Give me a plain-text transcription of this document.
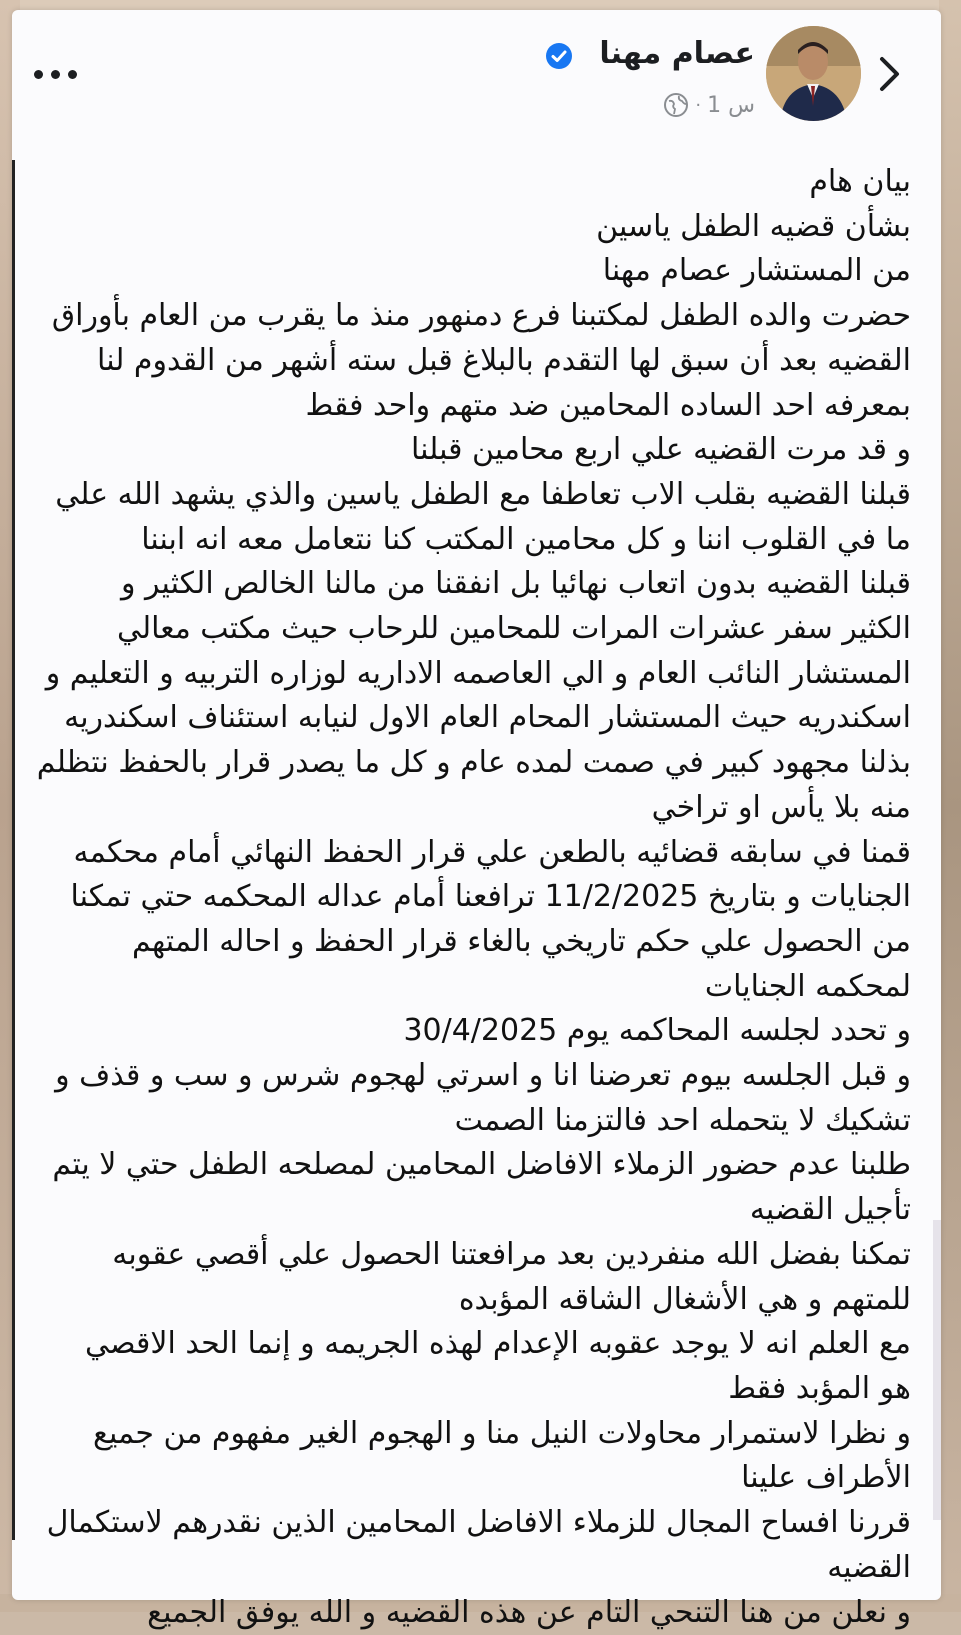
عصام مهنا
1 س
·

بيان هام

بشأن قضيه الطفل ياسين

من المستشار عصام مهنا

حضرت والده الطفل لمكتبنا فرع دمنهور منذ ما يقرب من العام بأوراق

القضيه بعد أن سبق لها التقدم بالبلاغ قبل سته أشهر من القدوم لنا

بمعرفه احد الساده المحامين ضد متهم واحد فقط

و قد مرت القضيه علي اربع محامين قبلنا

قبلنا القضيه بقلب الاب تعاطفا مع الطفل ياسين والذي يشهد الله علي

ما في القلوب اننا و كل محامين المكتب كنا نتعامل معه انه ابننا

قبلنا القضيه بدون اتعاب نهائيا بل انفقنا من مالنا الخالص الكثير و

الكثير سفر عشرات المرات للمحامين للرحاب حيث مكتب معالي

المستشار النائب العام و الي العاصمه الاداريه لوزاره التربيه و التعليم و

اسكندريه حيث المستشار المحام العام الاول لنيابه استئناف اسكندريه

بذلنا مجهود كبير في صمت لمده عام و كل ما يصدر قرار بالحفظ نتظلم

منه بلا يأس او تراخي

قمنا في سابقه قضائيه بالطعن علي قرار الحفظ النهائي أمام محكمه

الجنايات و بتاريخ 11/2/2025 ترافعنا أمام عداله المحكمه حتي تمكنا

من الحصول علي حكم تاريخي بالغاء قرار الحفظ و احاله المتهم

لمحكمه الجنايات

و تحدد لجلسه المحاكمه يوم 30/4/2025

و قبل الجلسه بيوم تعرضنا انا و اسرتي لهجوم شرس و سب و قذف و

تشكيك لا يتحمله احد فالتزمنا الصمت

طلبنا عدم حضور الزملاء الافاضل المحامين لمصلحه الطفل حتي لا يتم

تأجيل القضيه

تمكنا بفضل الله منفردين بعد مرافعتنا الحصول علي أقصي عقوبه

للمتهم و هي الأشغال الشاقه المؤبده

مع العلم انه لا يوجد عقوبه الإعدام لهذه الجريمه و إنما الحد الاقصي

هو المؤبد فقط

و نظرا لاستمرار محاولات النيل منا و الهجوم الغير مفهوم من جميع

الأطراف علينا

قررنا افساح المجال للزملاء الافاضل المحامين الذين نقدرهم لاستكمال

القضيه

و نعلن من هنا التنحي التام عن هذه القضيه و الله يوفق الجميع
